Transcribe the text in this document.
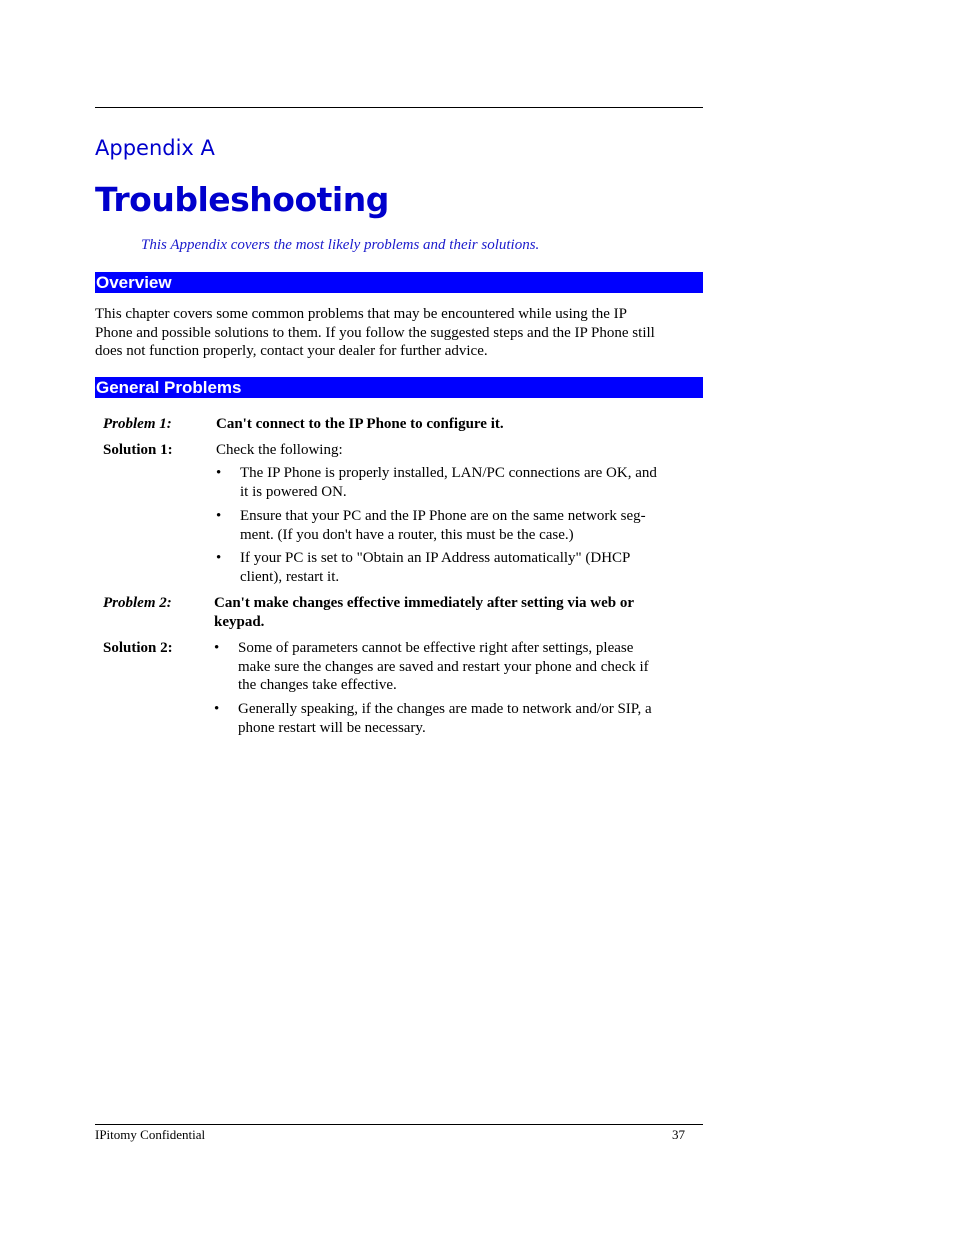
Appendix A
Troubleshooting
This Appendix covers the most likely problems and their solutions.
Overview
This chapter covers some common problems that may be encountered while using the IP
Phone and possible solutions to them. If you follow the suggested steps and the IP Phone still
does not function properly, contact your dealer for further advice.
General Problems
Problem 1:	Can't connect to the IP Phone to configure it.
Solution 1:	Check the following:
• The IP Phone is properly installed, LAN/PC connections are OK, and
it is powered ON.
• Ensure that your PC and the IP Phone are on the same network seg-
ment. (If you don't have a router, this must be the case.)
• If your PC is set to "Obtain an IP Address automatically" (DHCP
client), restart it.
Problem 2:	Can't make changes effective immediately after setting via web or
keypad.
Solution 2:	• Some of parameters cannot be effective right after settings, please
make sure the changes are saved and restart your phone and check if
the changes take effective.
• Generally speaking, if the changes are made to network and/or SIP, a
phone restart will be necessary.
IPitomy Confidential	37
